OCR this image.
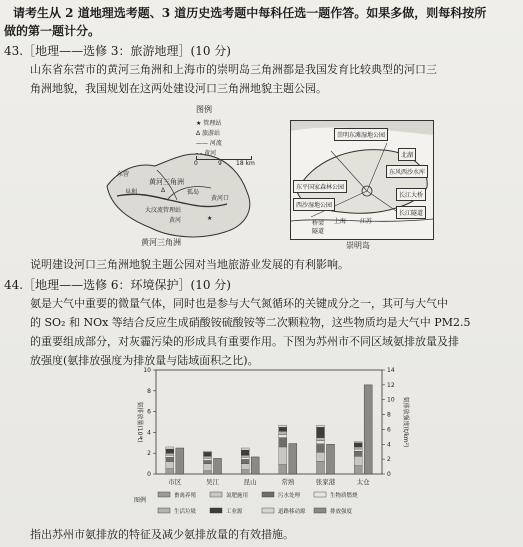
请考生从 2 道地理选考题、3 道历史选考题中每科任选一题作答。如果多做，则每科按所
做的第一题计分。
43.［地理——选修 3：旅游地理］(10 分)
山东省东营市的黄河三角洲和上海市的崇明岛三角洲都是我国发育比较典型的河口三
角洲地貌，我国规划在这两处建设河口三角洲地貌主题公园。
黄河三角洲
大汶流管理站
黄河口
孤岛
黄河
垦利
东营
★
Δ
图例
★ 管理站
Δ 旅游站
—— 河流
- - 黄河
0	9 18 km
黄河三角洲
崇明东滩湿地公园
东平国家森林公园
西沙湿地公园
东风西沙水库
北湖
长江大桥
长江隧道
江苏
上海
桥梁
隧道
崇明岛
说明建设河口三角洲地貌主题公园对当地旅游业发展的有利影响。
44.［地理——选修 6：环境保护］(10 分)
氨是大气中重要的微量气体，同时也是参与大气氮循环的关键成分之一，其可与大气中
的 SO₂ 和 NOx 等结合反应生成硝酸铵硫酸铵等二次颗粒物，这些物质均是大气中 PM2.5
的重要组成部分，对灰霾污染的形成具有重要作用。下图为苏州市不同区域氨排放量及排
放强度(氨排放强度为排放量与陆域面积之比)。
0
2
4
6
8
10
0
2
4
6
8
10
12
14
氨排放量(10⁴t)	氨排放强度(t/km²)
市区	吴江	昆山	常熟	张家港	太仓
图例
畜禽养殖	氮肥施用	污水处理	生物质燃烧
生活垃圾	工业源	道路移动源	排放强度
指出苏州市氨排放的特征及减少氨排放量的有效措施。
